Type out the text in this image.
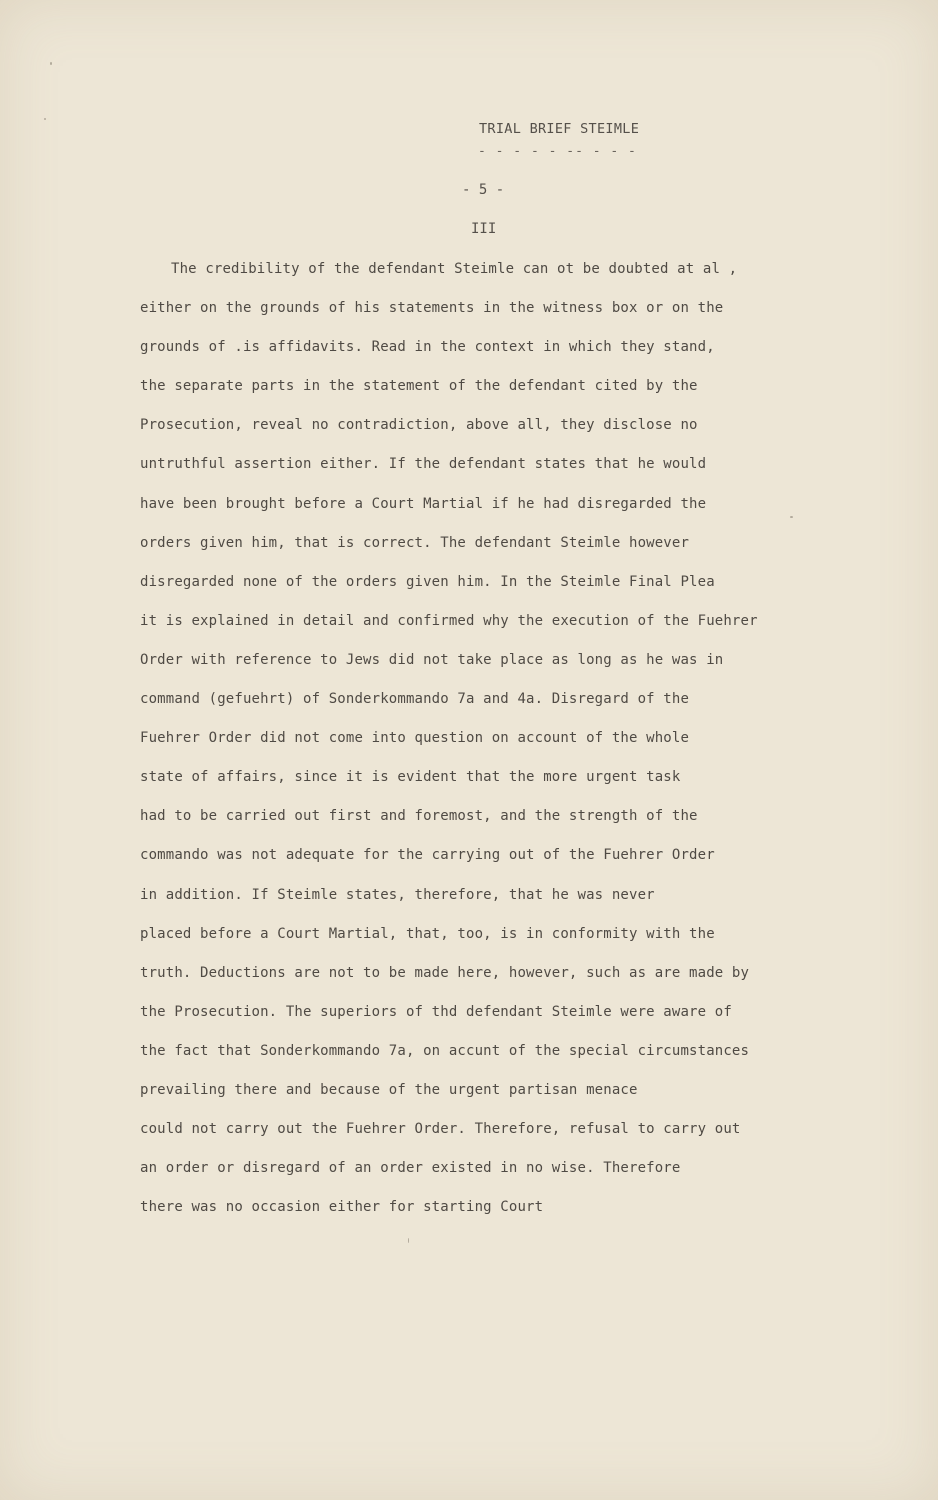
TRIAL BRIEF STEIMLE
- - - - - -- - - -
- 5 -
III
The credibility of the defendant Steimle can ot be doubted at al ,
either on the grounds of his statements in the witness box or on the
grounds of .is affidavits. Read in the context in which they stand,
the separate parts in the statement of the defendant cited by the
Prosecution, reveal no contradiction, above all, they disclose no
untruthful assertion either. If the defendant states that he would
have been brought before a Court Martial if he had disregarded the
orders given him, that is correct. The defendant Steimle however
disregarded none of the orders given him. In the Steimle Final Plea
it is explained in detail and confirmed why the execution of the Fuehrer
Order with reference to Jews did not take place as long as he was in
command (gefuehrt) of Sonderkommando 7a and 4a. Disregard of the
Fuehrer Order did not come into question on account of the whole
state of affairs, since it is evident that the more urgent task
had to be carried out first and foremost, and the strength of the
commando was not adequate for the carrying out of the Fuehrer Order
in addition. If Steimle states, therefore, that he was never
placed before a Court Martial, that, too, is in conformity with the
truth. Deductions are not to be made here, however, such as are made by
the Prosecution. The superiors of thd defendant Steimle were aware of
the fact that Sonderkommando 7a, on accunt of the special circumstances
prevailing there and because of the urgent partisan menace
could not carry out the Fuehrer Order. Therefore, refusal to carry out
an order or disregard of an order existed in no wise. Therefore
there was no occasion either for starting Court
